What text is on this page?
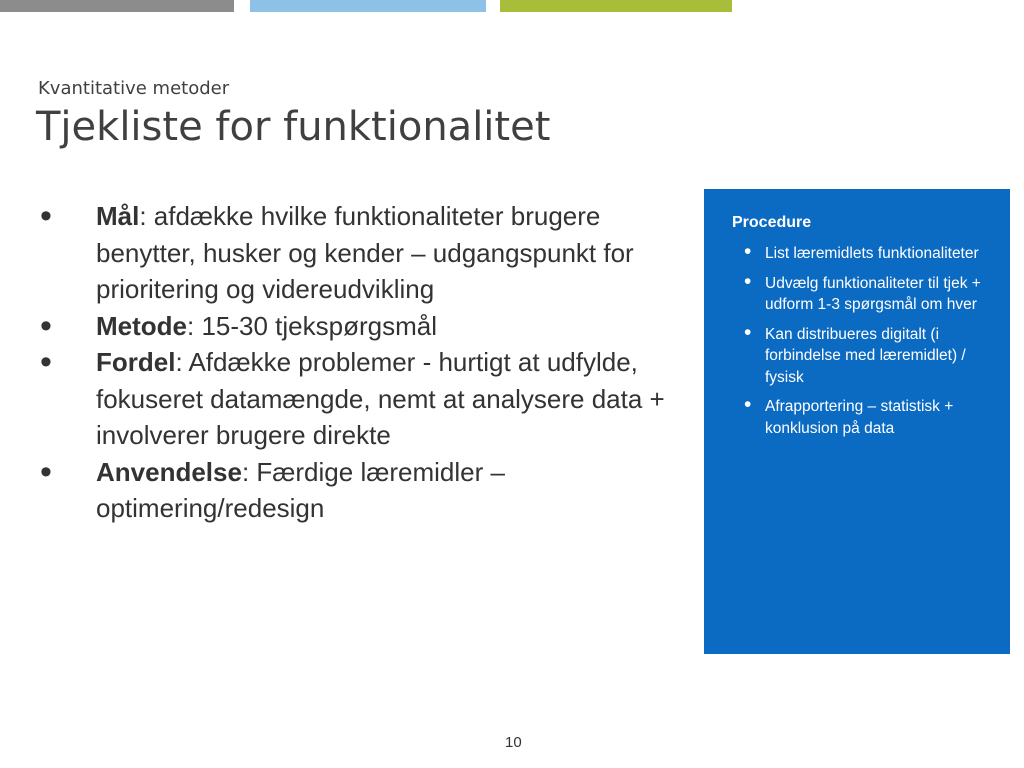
Kvantitative metoder
Tjekliste for funktionalitet
• Mål: afdække hvilke funktionaliteter brugere benytter, husker og kender – udgangspunkt for prioritering og videreudvikling
• Metode: 15-30 tjekspørgsmål
• Fordel: Afdække problemer - hurtigt at udfylde, fokuseret datamængde, nemt at analysere data + involverer brugere direkte
• Anvendelse: Færdige læremidler – optimering/redesign
Procedure
• List læremidlets funktionaliteter
• Udvælg funktionaliteter til tjek + udform 1-3 spørgsmål om hver
• Kan distribueres digitalt (i forbindelse med læremidlet) / fysisk
• Afrapportering – statistisk + konklusion på data
10
